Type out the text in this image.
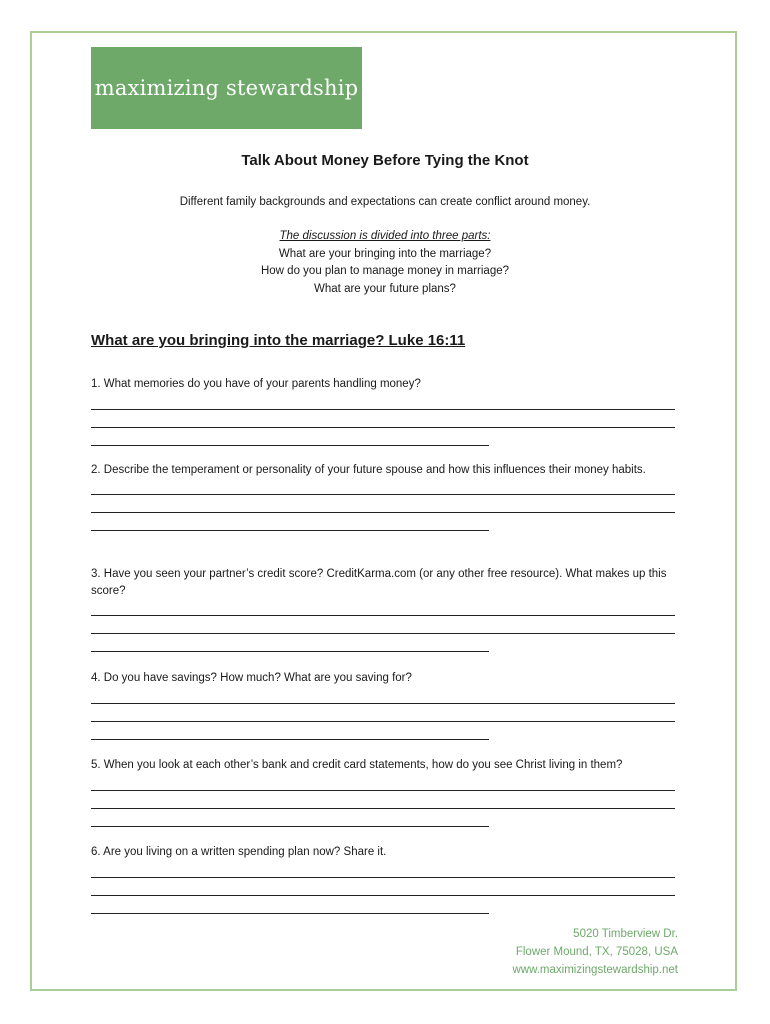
maximizing stewardship
Talk About Money Before Tying the Knot
Different family backgrounds and expectations can create conflict around money.
The discussion is divided into three parts:
What are your bringing into the marriage?
How do you plan to manage money in marriage?
What are your future plans?
What are you bringing into the marriage? Luke 16:11

1. What memories do you have of your parents handling money?

2. Describe the temperament or personality of your future spouse and how this influences their money habits.

3. Have you seen your partner’s credit score? CreditKarma.com (or any other free resource). What makes up this score?

4. Do you have savings? How much? What are you saving for?

5. When you look at each other’s bank and credit card statements, how do you see Christ living in them?

6. Are you living on a written spending plan now? Share it.

5020 Timberview Dr.
Flower Mound, TX, 75028, USA
www.maximizingstewardship.net
